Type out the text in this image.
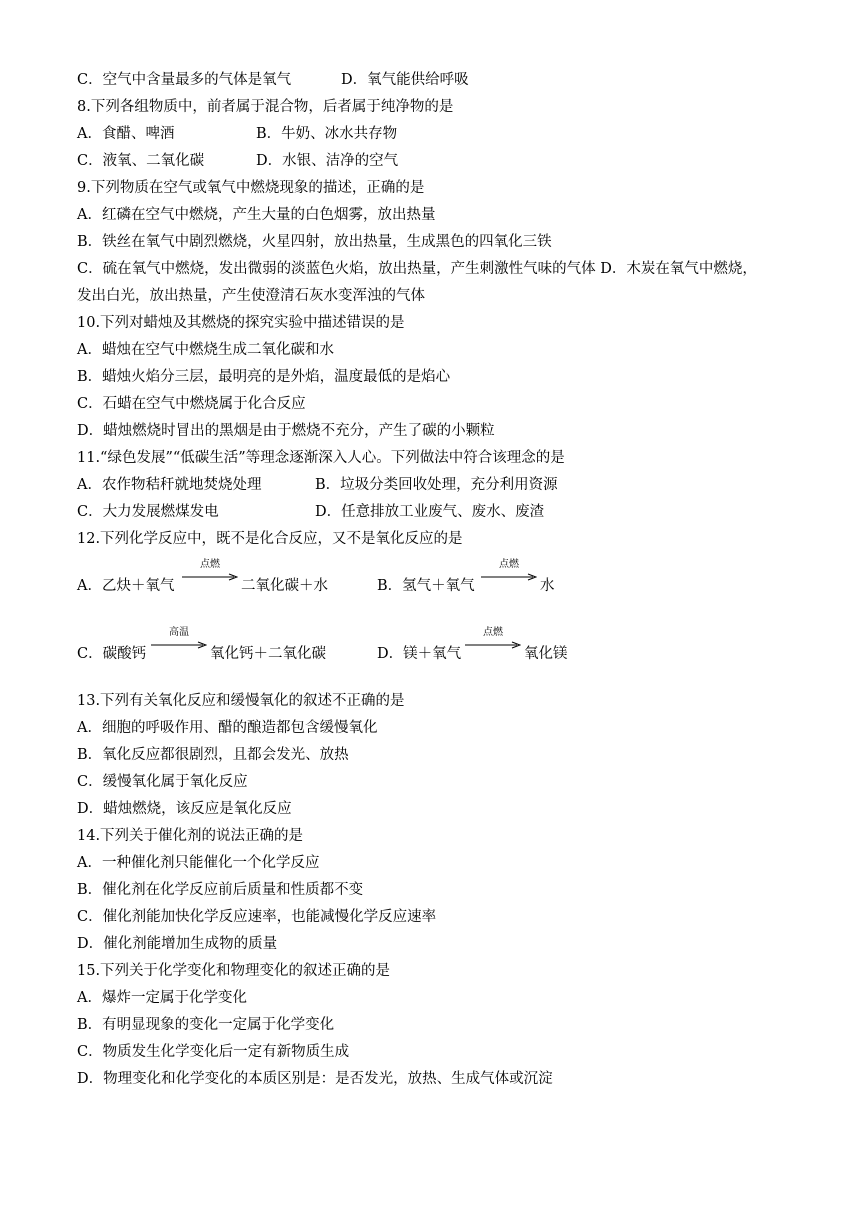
C．空气中含量最多的气体是氧气	D．氧气能供给呼吸
8.下列各组物质中，前者属于混合物，后者属于纯净物的是
A．食醋、啤酒	B．牛奶、冰水共存物
C．液氧、二氧化碳	D．水银、洁净的空气
9.下列物质在空气或氧气中燃烧现象的描述，正确的是
A．红磷在空气中燃烧，产生大量的白色烟雾，放出热量
B．铁丝在氧气中剧烈燃烧，火星四射，放出热量，生成黑色的四氧化三铁
C．硫在氧气中燃烧，发出微弱的淡蓝色火焰，放出热量，产生刺激性气味的气体 D．木炭在氧气中燃烧，
发出白光，放出热量，产生使澄清石灰水变浑浊的气体
10.下列对蜡烛及其燃烧的探究实验中描述错误的是
A．蜡烛在空气中燃烧生成二氧化碳和水
B．蜡烛火焰分三层，最明亮的是外焰，温度最低的是焰心
C．石蜡在空气中燃烧属于化合反应
D．蜡烛燃烧时冒出的黑烟是由于燃烧不充分，产生了碳的小颗粒
11.“绿色发展”“低碳生活”等理念逐渐深入人心。下列做法中符合该理念的是
A．农作物秸秆就地焚烧处理	B．垃圾分类回收处理，充分利用资源
C．大力发展燃煤发电	D．任意排放工业废气、废水、废渣
12.下列化学反应中，既不是化合反应，又不是氧化反应的是
A．乙炔＋氧气
点燃
二氧化碳＋水	B．氢气＋氧气
点燃
水
C．碳酸钙
高温
氧化钙＋二氧化碳	D．镁＋氧气
点燃
氧化镁
13.下列有关氧化反应和缓慢氧化的叙述不正确的是
A．细胞的呼吸作用、醋的酿造都包含缓慢氧化
B．氧化反应都很剧烈，且都会发光、放热
C．缓慢氧化属于氧化反应
D．蜡烛燃烧，该反应是氧化反应
14.下列关于催化剂的说法正确的是
A．一种催化剂只能催化一个化学反应
B．催化剂在化学反应前后质量和性质都不变
C．催化剂能加快化学反应速率，也能减慢化学反应速率
D．催化剂能增加生成物的质量
15.下列关于化学变化和物理变化的叙述正确的是
A．爆炸一定属于化学变化
B．有明显现象的变化一定属于化学变化
C．物质发生化学变化后一定有新物质生成
D．物理变化和化学变化的本质区别是：是否发光，放热、生成气体或沉淀
